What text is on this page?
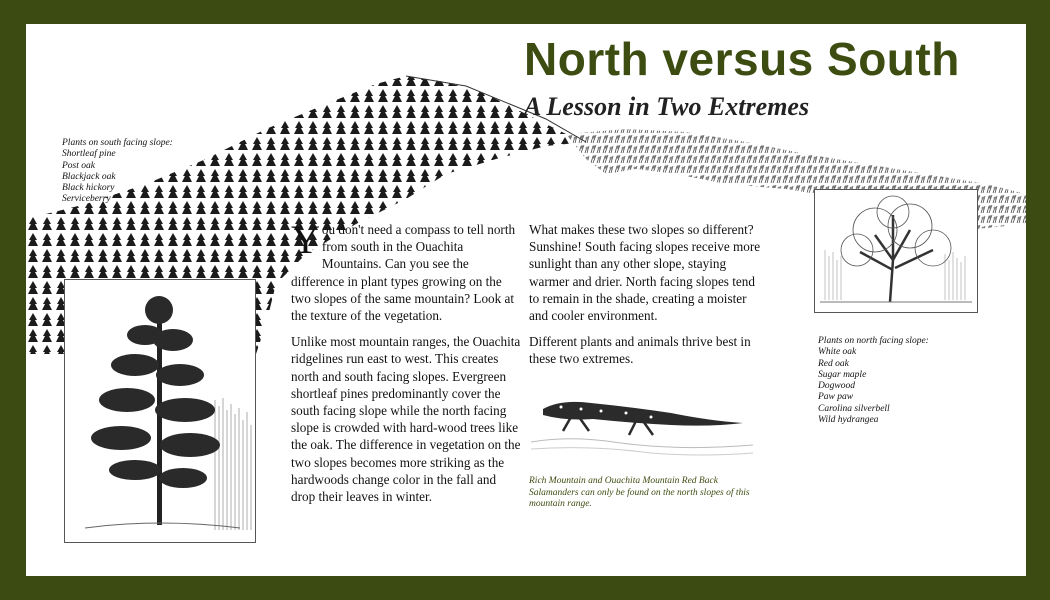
North versus South
A Lesson in Two Extremes
Plants on south facing slope:
Shortleaf pine
Post oak
Blackjack oak
Black hickory
Serviceberry

You don't need a compass to tell north from south in the Ouachita Mountains. Can you see the difference in plant types growing on the two slopes of the same mountain? Look at the texture of the vegetation.

Unlike most mountain ranges, the Ouachita ridgelines run east to west. This creates north and south facing slopes. Evergreen shortleaf pines predominantly cover the south facing slope while the north facing slope is crowded with hard-wood trees like the oak. The difference in vegetation on the two slopes becomes more striking as the hardwoods change color in the fall and drop their leaves in winter.

What makes these two slopes so different? Sunshine! South facing slopes receive more sunlight than any other slope, staying warmer and drier. North facing slopes tend to remain in the shade, creating a moister and cooler environment.

Different plants and animals thrive best in these two extremes.

Rich Mountain and Ouachita Mountain Red Back Salamanders can only be found on the north slopes of this mountain range.
Plants on north facing slope:
White oak
Red oak
Sugar maple
Dogwood
Paw paw
Carolina silverbell
Wild hydrangea
